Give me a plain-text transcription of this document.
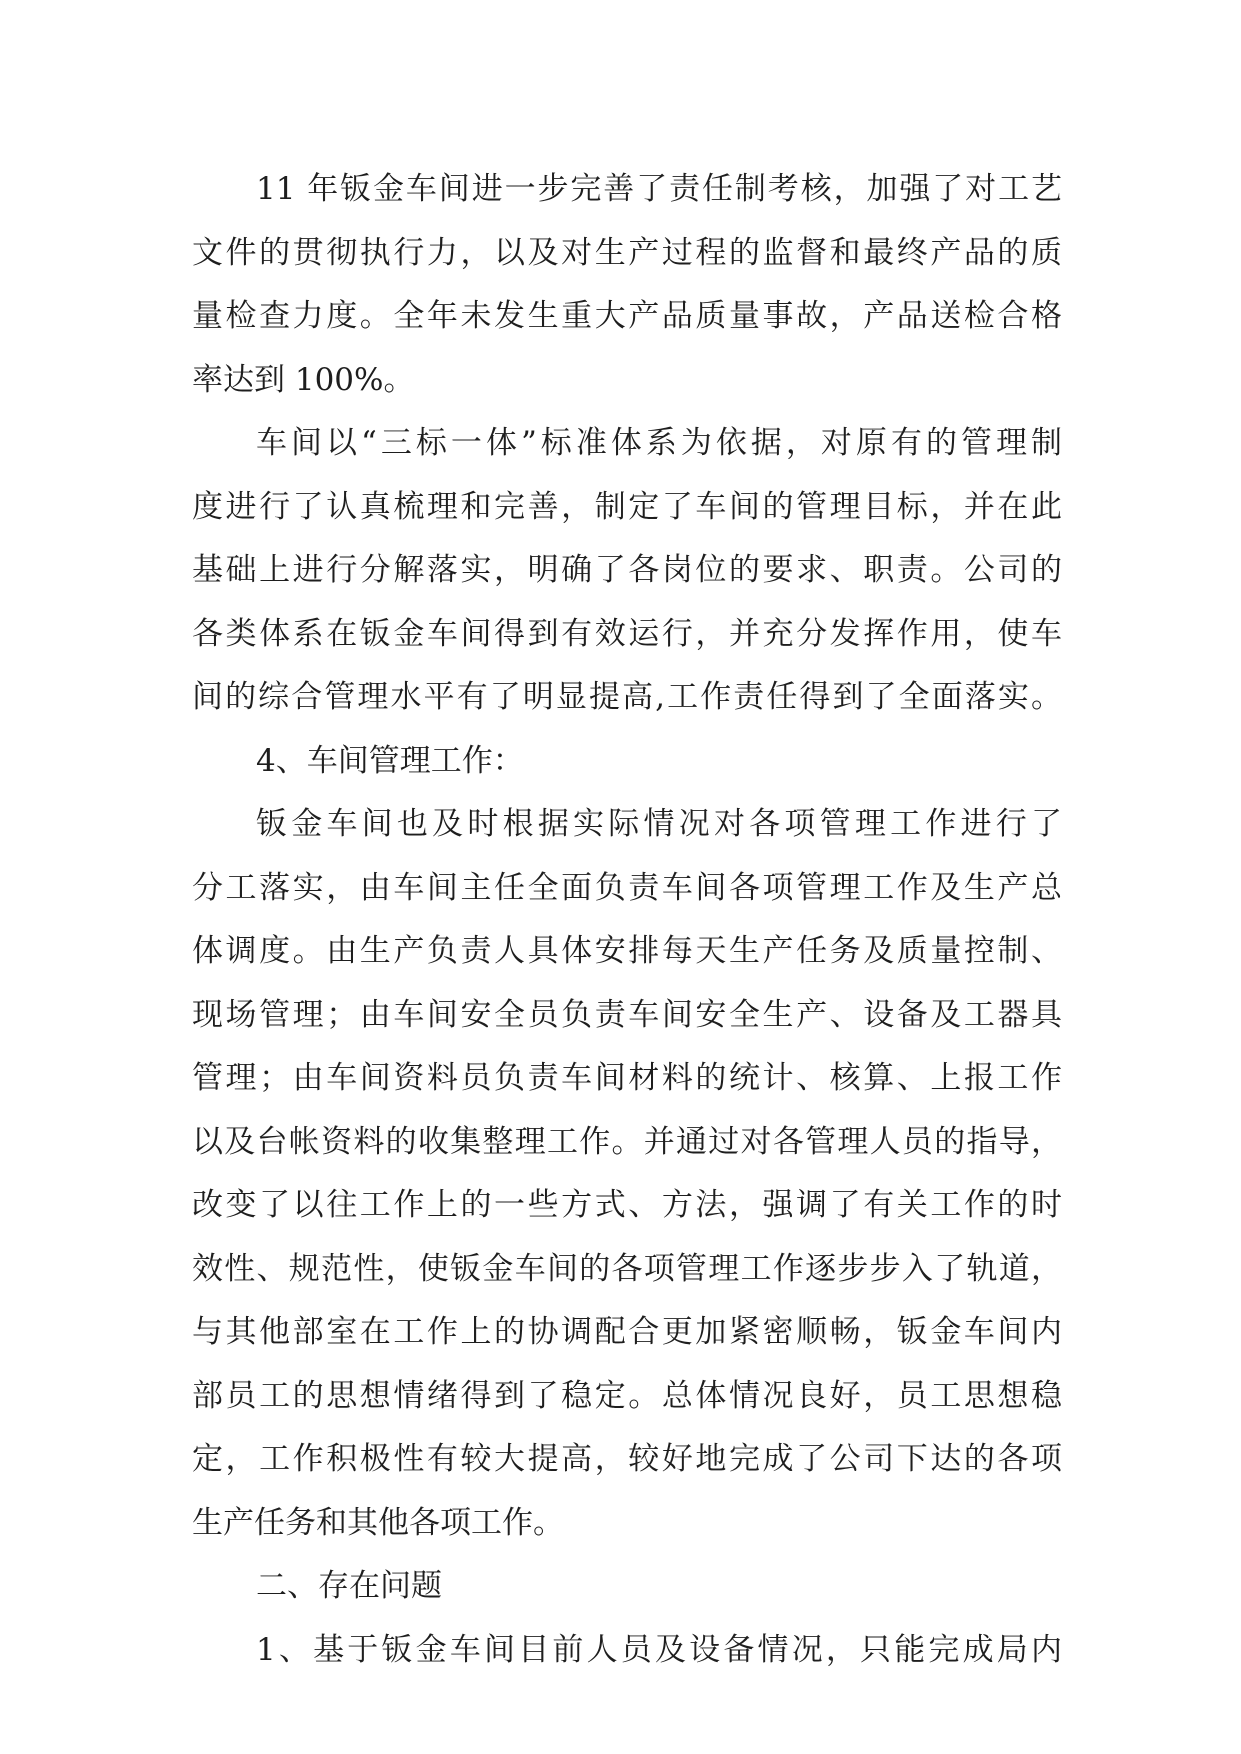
11 年钣金车间进一步完善了责任制考核，加强了对工艺
文件的贯彻执行力，以及对生产过程的监督和最终产品的质
量检查力度。全年未发生重大产品质量事故，产品送检合格
率达到 100%。
车间以“三标一体”标准体系为依据，对原有的管理制
度进行了认真梳理和完善，制定了车间的管理目标，并在此
基础上进行分解落实，明确了各岗位的要求、职责。公司的
各类体系在钣金车间得到有效运行，并充分发挥作用，使车
间的综合管理水平有了明显提高,工作责任得到了全面落实。
4、车间管理工作：
钣金车间也及时根据实际情况对各项管理工作进行了
分工落实，由车间主任全面负责车间各项管理工作及生产总
体调度。由生产负责人具体安排每天生产任务及质量控制、
现场管理；由车间安全员负责车间安全生产、设备及工器具
管理；由车间资料员负责车间材料的统计、核算、上报工作
以及台帐资料的收集整理工作。并通过对各管理人员的指导，
改变了以往工作上的一些方式、方法，强调了有关工作的时
效性、规范性，使钣金车间的各项管理工作逐步步入了轨道，
与其他部室在工作上的协调配合更加紧密顺畅，钣金车间内
部员工的思想情绪得到了稳定。总体情况良好，员工思想稳
定，工作积极性有较大提高，较好地完成了公司下达的各项
生产任务和其他各项工作。
二、存在问题
1、基于钣金车间目前人员及设备情况，只能完成局内
